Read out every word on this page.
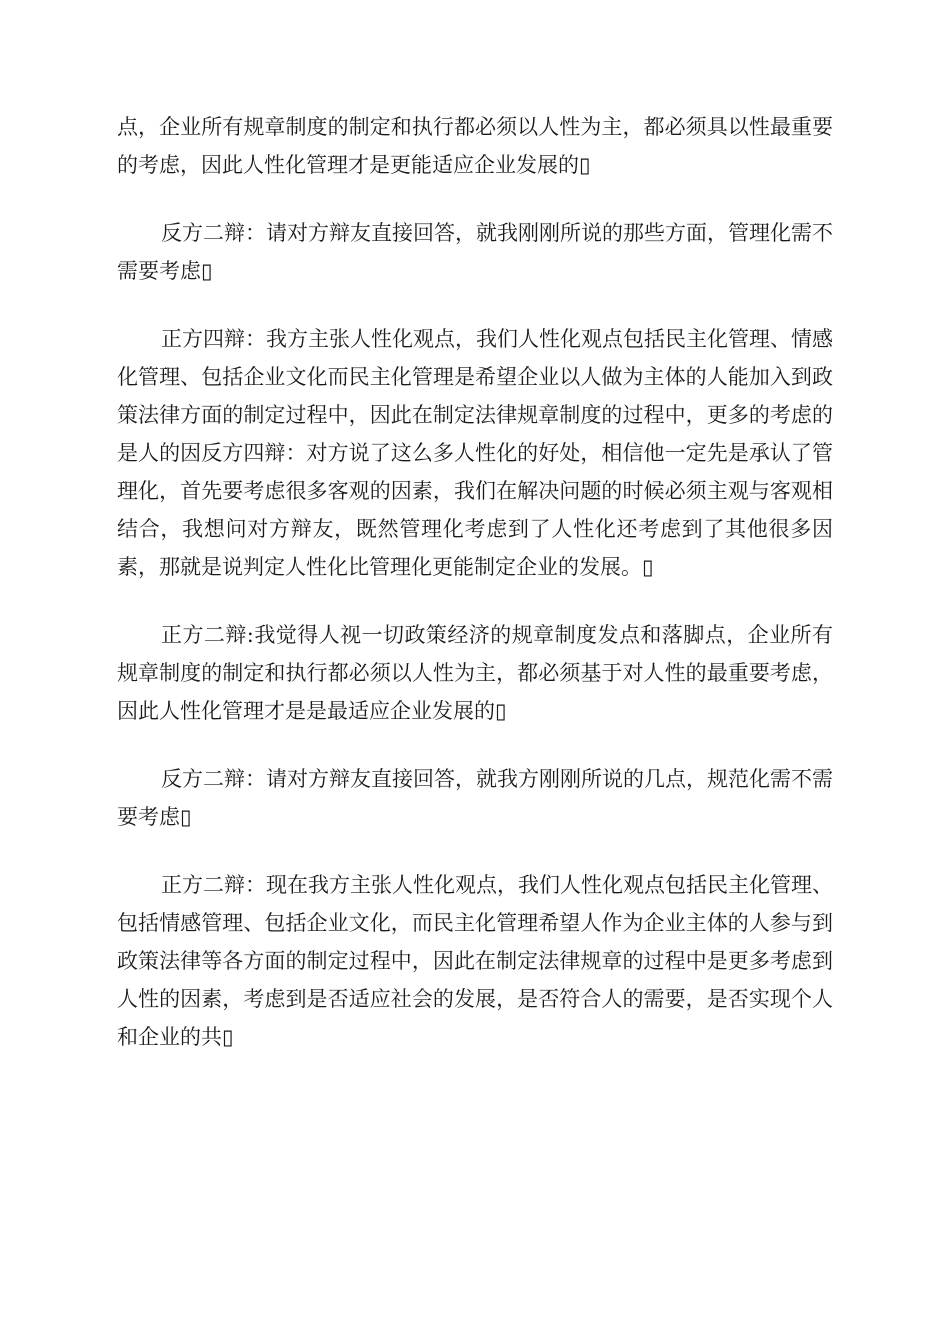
点，企业所有规章制度的制定和执行都必须以人性为主，都必须具以性最重要的考虑，因此人性化管理才是更能适应企业发展的▯

反方二辩：请对方辩友直接回答，就我刚刚所说的那些方面，管理化需不需要考虑▯

正方四辩：我方主张人性化观点，我们人性化观点包括民主化管理、情感化管理、包括企业文化而民主化管理是希望企业以人做为主体的人能加入到政策法律方面的制定过程中，因此在制定法律规章制度的过程中，更多的考虑的是人的因反方四辩：对方说了这么多人性化的好处，相信他一定先是承认了管理化，首先要考虑很多客观的因素，我们在解决问题的时候必须主观与客观相结合，我想问对方辩友，既然管理化考虑到了人性化还考虑到了其他很多因素，那就是说判定人性化比管理化更能制定企业的发展。▯

正方二辩:我觉得人视一切政策经济的规章制度发点和落脚点，企业所有规章制度的制定和执行都必须以人性为主，都必须基于对人性的最重要考虑，因此人性化管理才是是最适应企业发展的▯

反方二辩：请对方辩友直接回答，就我方刚刚所说的几点，规范化需不需要考虑▯

正方二辩：现在我方主张人性化观点，我们人性化观点包括民主化管理、包括情感管理、包括企业文化，而民主化管理希望人作为企业主体的人参与到政策法律等各方面的制定过程中，因此在制定法律规章的过程中是更多考虑到人性的因素，考虑到是否适应社会的发展，是否符合人的需要，是否实现个人和企业的共▯
